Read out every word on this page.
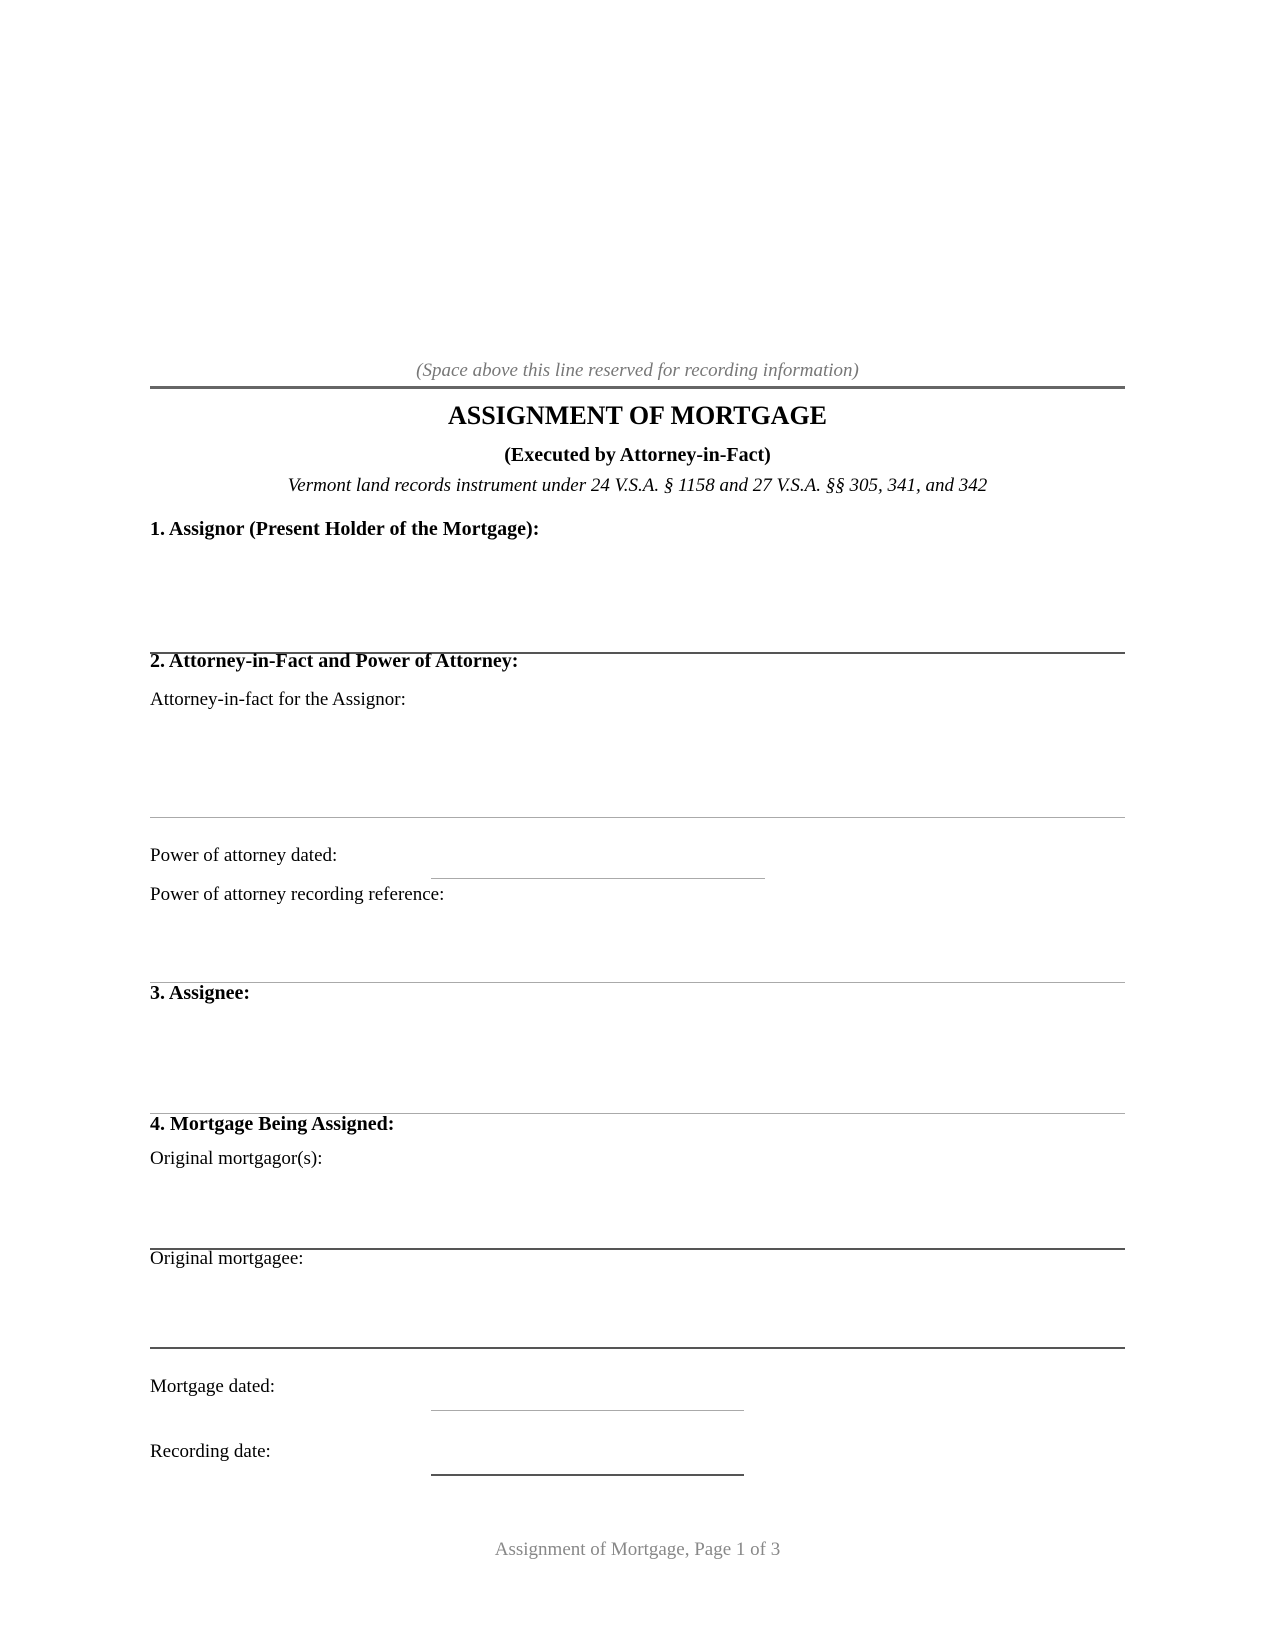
(Space above this line reserved for recording information)
ASSIGNMENT OF MORTGAGE
(Executed by Attorney-in-Fact)
Vermont land records instrument under 24 V.S.A. § 1158 and 27 V.S.A. §§ 305, 341, and 342
1. Assignor (Present Holder of the Mortgage):
2. Attorney-in-Fact and Power of Attorney:
Attorney-in-fact for the Assignor:
Power of attorney dated:
Power of attorney recording reference:
3. Assignee:
4. Mortgage Being Assigned:
Original mortgagor(s):
Original mortgagee:
Mortgage dated:
Recording date:
Assignment of Mortgage, Page 1 of 3
